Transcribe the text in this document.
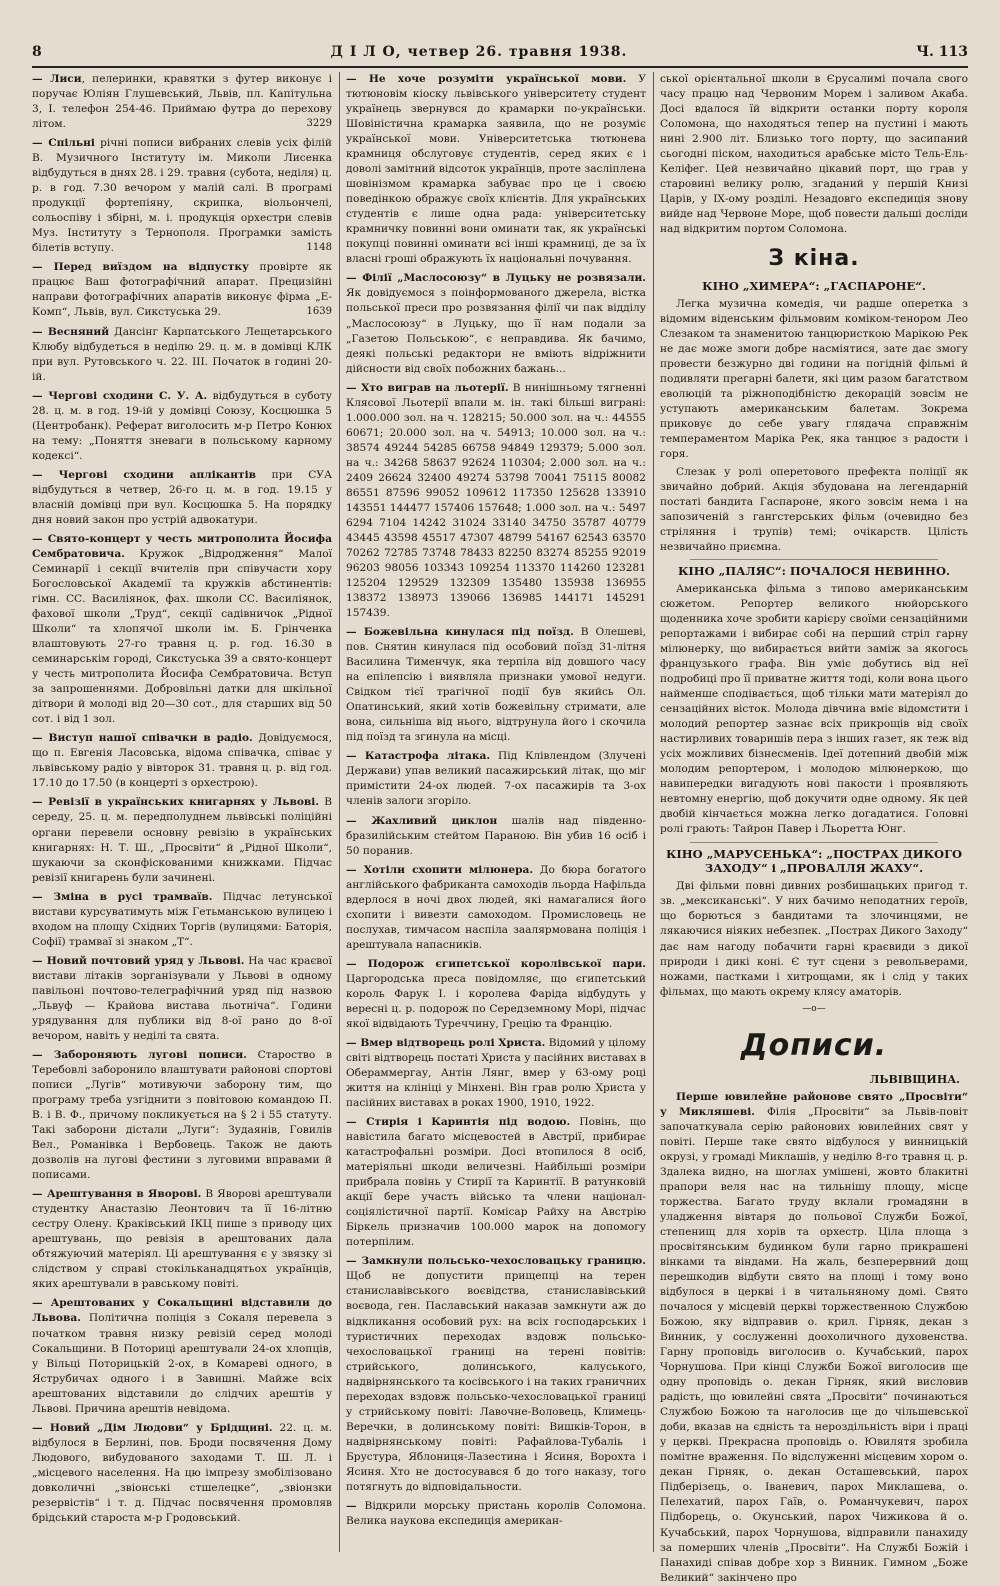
8	Д І Л О, четвер 26. травня 1938.	Ч. 113

— Лиси, пелеринки, кравятки з футер виконує і поручає Юліян Глушевський, Львів, пл. Капітульна 3, І. телефон 254-46. Приймаю футра до перехову літом.	3229

— Спільні річні пописи вибраних слевів усіх філій В. Музичного Інституту ім. Миколи Лисенка відбудуться в днях 28. і 29. травня (субота, неділя) ц. р. в год. 7.30 вечором у малій салі. В програмі продукції фортепіяну, скрипка, віольончелі, сольоспіву і збірні, м. і. продукція орхестри слевів Муз. Інституту з Тернополя. Програмки замість білетів вступу.	1148

— Перед виїздом на відпустку провірте як працює Ваш фотографічний апарат. Прецизійні направи фотографічних апаратів виконує фірма „Е-Комп“, Львів, вул. Сикстуська 29.	1639

— Весняний Дансінг Карпатського Лещетарського Клюбу відбудеться в неділю 29. ц. м. в домівці КЛК при вул. Рутовського ч. 22. ІІІ. Початок в годині 20-ій.

— Чергові сходини С. У. А. відбудуться в суботу 28. ц. м. в год. 19-ій у домівці Союзу, Косцюшка 5 (Центробанк). Реферат виголосить м-р Петро Конюх на тему: „Поняття зневаги в польському карному кодексі“.

— Чергові сходини аплікантів при СУА відбудуться в четвер, 26-го ц. м. в год. 19.15 у власній домівці при вул. Косцюшка 5. На порядку дня новий закон про устрій адвокатури.

— Свято-концерт у честь митрополита Йосифа Сембратовича. Кружок „Відродження“ Малої Семинарії і секції вчителів при співучасти хору Богословської Академії та кружків абстинентів: гімн. СС. Василіянок, фах. школи СС. Василіянок, фахової школи „Труд“, секції садівничок „Рідної Школи“ та хлопячої школи ім. Б. Грінченка влаштовують 27-го травня ц. р. год. 16.30 в семинарськім городі, Сикстуська 39 а свято-концерт у честь митрополита Йосифа Сембратовича. Вступ за запрошеннями. Добровільні датки для шкільної дітвори й молоді від 20—30 сот., для старших від 50 сот. і від 1 зол.

— Виступ нашої співачки в радіо. Довідуємося, що п. Евгенія Ласовська, відома співачка, співає у львівському радіо у вівторок 31. травня ц. р. від год. 17.10 до 17.50 (в концерті з орхестрою).

— Ревізії в українських книгарнях у Львові. В середу, 25. ц. м. передполуднем львівські поліційні органи перевели основну ревізію в українських книгарнях: Н. Т. Ш., „Просвіти“ й „Рідної Школи“, шукаючи за сконфіскованими книжками. Підчас ревізії книгарень були зачинені.

— Зміна в русі трамваїв. Підчас летунської вистави курсуватимуть між Гетьманською вулицею і входом на площу Східних Торгів (вулицями: Баторія, Софії) трамваї зі знаком „Т“.

— Новий почтовий уряд у Львові. На час краєвої вистави літаків зорганізували у Львові в одному павільоні почтово-телеграфічний уряд під назвою „Львуф — Крайова вистава льотніча“. Години урядування для публики від 8-ої рано до 8-ої вечором, навіть у неділі та свята.

— Забороняють лугові пописи. Староство в Теребовлі заборонило влаштувати районові спортові пописи „Лугів“ мотивуючи заборону тим, що програму треба узгіднити з повітовою командою П. В. і В. Ф., причому покликується на § 2 і 55 статуту. Такі заборони дістали „Луги“: Зудаянів, Говилів Вел., Романівка і Вербовець. Також не дають дозволів на лугові фестини з луговими вправами й пописами.

— Арештування в Яворові. В Яворові арештували студентку Анастазію Леонтович та її 16-літню сестру Олену. Кракiвський ІКЦ пише з приводу цих арештувань, що ревізія в арештованих дала обтяжуючий матеріял. Ці арештування є у звязку зі слідством у справі стокільканадцятьох українців, яких арештували в равському повіті.

— Арештованих у Сокальщині відставили до Львова. Політична поліція з Сокаля перевела з початком травня низку ревізій серед молоді Сокальщини. В Поториці арештували 24-ох хлопців, у Вільці Поторицькій 2-ох, в Комареві одного, в Яструбичах одного і в Завишні. Майже всіх арештованих відставили до слідчих арештів у Львові. Причина арештів невідома.

— Новий „Дім Людови“ у Брідщині. 22. ц. м. відбулося в Берлині, пов. Броди посвячення Дому Людового, вибудованого заходами Т. Ш. Л. і „місцевого населення. На цю імпрезу змобілізовано довколичні „звіонські стшелецке“, „звіонзки резервістів“ і т. д. Підчас посвячення промовляв брідський староста м-р Гродовський.

— Не хоче розуміти української мови. У тютюновім кіоску львівського університету студент українець звернувся до крамарки по-українськи. Шовіністична крамарка заявила, що не розуміє української мови. Університетська тютюнева крамниця обслуговує студентів, серед яких є і доволі замітний відсоток українців, проте засліплена шовінізмом крамарка забуває про це і своєю поведінкою ображує своїх клієнтів. Для українських студентів є лише одна рада: університетську крамничку повинні вони оминати так, як українські покупці повинні оминати всі інші крамниці, де за їх власні гроші ображують їх національні почування.

— Філії „Маслосоюзу“ в Луцьку не розвязали. Як довідуємося з поінформованого джерела, вістка польської преси про розвязання філії чи пак відділу „Маслосоюзу“ в Луцьку, що її нам подали за „Газетою Польською“, є неправдива. Як бачимо, деякі польські редактори не вміють відріжнити дійсности від своїх побожних бажань...

— Хто виграв на льотерії. В нинішньому тягненні Клясової Льотерії впали м. ін. такі більші виграні: 1.000.000 зол. на ч. 128215; 50.000 зол. на ч.: 44555 60671; 20.000 зол. на ч. 54913; 10.000 зол. на ч.: 38574 49244 54285 66758 94849 129379; 5.000 зол. на ч.: 34268 58637 92624 110304; 2.000 зол. на ч.: 2409 26624 32400 49274 53798 70041 75115 80082 86551 87596 99052 109612 117350 125628 133910 143551 144477 157406 157648; 1.000 зол. на ч.: 5497 6294 7104 14242 31024 33140 34750 35787 40779 43445 43598 45517 47307 48799 54167 62543 63570 70262 72785 73748 78433 82250 83274 85255 92019 96203 98056 103343 109254 113370 114260 123281 125204 129529 132309 135480 135938 136955 138372 138973 139066 136985 144171 145291 157439.

— Божевільна кинулася під поїзд. В Олешеві, пов. Снятин кинулася під особовий поїзд 31-літня Василина Тименчук, яка терпіла від довшого часу на епілепсію і виявляла признаки умової недуги. Свідком тієї трагічної події був якийсь Ол. Опатинський, який хотів божевільну стримати, але вона, сильніша від нього, відтрунула його і скочила під поїзд та згинула на місці.

— Катастрофа літака. Під Клівлендом (Злучені Держави) упав великий пасажирський літак, що міг примістити 24-ох людей. 7-ох пасажирів та 3-ох членів залоги згоріло.

— Жахливий циклон шалів над південно-бразилійським стейтом Параною. Він убив 16 осіб і 50 поранив.

— Хотіли схопити мілюнера. До бюра богатого англійського фабриканта самоходів льорда Нафільда вдерлося в ночі двох людей, які намагалися його схопити і вивезти самоходом. Промисловець не послухав, тимчасом наспіла заалярмована поліція і арештувала напасників.

— Подорож єгипетської королівської пари. Царгородська преса повідомляє, що єгипетський король Фарук І. і королева Фаріда відбудуть у вересні ц. р. подорож по Середземному Морі, підчас якої відвідають Туреччину, Грецію та Францію.

— Вмер відтворець ролі Христа. Відомий у цілому світі відтворець постаті Христа у пасійних виставах в Обераммергау, Антін Лянг, вмер у 63-ому році життя на клініці у Мінхені. Він грав ролю Христа у пасійних виставах в роках 1900, 1910, 1922.

— Стирія і Каринтія під водою. Повінь, що навістила багато місцевостей в Австрії, прибирає катастрофальні розміри. Досі втопилося 8 осіб, матеріяльні шкоди величезні. Найбільші розміри прибрала повінь у Стирії та Каринтії. В ратунковій акції бере участь військо та члени націонал-соціялістичної партії. Комісар Райху на Австрію Біркель призначив 100.000 марок на допомогу потерпілим.

— Замкнули польсько-чехословацьку границю. Щоб не допустити прищепці на терен станиславівського воєвідства, станиславівський воєвода, ген. Паславський наказав замкнути аж до відкликання особовий рух: на всіх господарських і туристичних переходах вздовж польсько-чехословацької границі на терені повітів: стрийського, долинського, калуського, надвірнянського та косівського і на таких граничних переходах вздовж польсько-чехословацької границі у стрийському повіті: Лавочне-Воловець, Климець-Веречки, в долинському повіті: Вишків-Торон, в надвірнянському повіті: Рафайлова-Тубаліь і Брустура, Яблониця-Лазестина і Ясиня, Ворохта і Ясиня. Хто не достосувався б до того наказу, того потягнуть до відповідальности.

— Відкрили морську пристань королів Соломона. Велика наукова експедиція американ-

ської орієнтальної школи в Єрусалимі почала свого часу працю над Червоним Морем і заливом Акаба. Досі вдалося їй відкрити останки порту короля Соломона, що находяться тепер на пустині і мають нині 2.900 літ. Близько того порту, що засипаний сьогодні піском, находиться арабське місто Тель-Ель-Келіфег. Цей незвичайно цікавий порт, що грав у старовині велику ролю, згаданий у першій Книзі Царів, у ІХ-ому розділі. Незадовго експедиція знову вийде над Червоне Море, щоб повести дальші досліди над відкритим портом Соломона.

З кіна.
КІНО „ХИМЕРА“: „ГАСПАРОНЕ“.

Легка музична комедія, чи радше оперетка з відомим віденським фільмовим коміком-тенором Лео Слезаком та знаменитою танцюристкою Марікою Рек не дає може змоги добре насміятися, зате дає змогу провести безжурно дві години на погідній фільмі й подивляти прегарні балети, які цим разом багатством еволюцій та ріжноподібністю декорацій зовсім не уступають американським балетам. Зокрема приковує до себе увагу глядача справжнім темпераментом Маріка Рек, яка танцює з радости і горя.

Слезак у ролі оперетового префекта поліції як звичайно добрий. Акція збудована на легендарній постаті бандита Гаспароне, якого зовсім нема і на запозиченій з гангстерських фільм (очевидно без стріляння і трупів) темі; очікарств. Цілість незвичайно приємна.

КІНО „ПАЛЯС“: ПОЧАЛОСЯ НЕВИННО.

Американська фільма з типово американським сюжетом. Репортер великого нюйорського щоденника хоче зробити карієру своїми сензаційними репортажами і вибирає собі на перший стріл гарну мілюнерку, що вибирається вийти заміж за якогось французького графа. Він уміє добутись від неї подробиці про її приватне життя тоді, коли вона цього найменше сподівається, щоб тільки мати матеріял до сензаційних вісток. Молода дівчина вміє відомстити і молодий репортер зазнає всіх прикрощів від своїх настирливих товаришів пера з інших газет, як теж від усіх можливих бізнесменів. Ідеї дотепний двобій між молодим репортером, і молодою мілюнеркою, що навипередки вигадують нові пакости і проявляють невтомну енергію, щоб докучити одне одному. Як цей двобій кінчається можна легко догадатися. Головні ролі грають: Тайрон Павер і Льоретта Юнг.

КІНО „МАРУСЕНЬКА“: „ПОСТРАХ ДИКОГО ЗАХОДУ“ і „ПРОВАЛЛЯ ЖАХУ“.

Дві фільми повні дивних розбишацьких пригод т. зв. „мексиканські“. У них бачимо неподатних героїв, що борються з бандитами та злочинцями, не лякаючися ніяких небезпек. „Пострах Дикого Заходу“ дає нам нагоду побачити гарні краєвиди з дикої природи і дикі коні. Є тут сцени з револьверами, ножами, пастками і хитрощами, як і слід у таких фільмах, що мають окрему клясу аматорів.

—o—
Дописи.
ЛЬВІВЩИНА.

Перше ювилейне районове свято „Просвіти“ у Микляшеві. Філія „Просвіти“ за Львів-повіт започаткувала серію районових ювилейних свят у повіті. Перше таке свято відбулося у винницькій окрузі, у громаді Миклашів, у неділю 8-го травня ц. р. Здалека видно, на шоглах умішені, жовто блакитні прапори веля нас на тильнішу площу, місце торжества. Багато труду вклали громадяни в уладження вівтаря до польової Служби Божої, степенищ для хорів та орхестр. Ціла площа з просвітянським будинком були гарно прикрашені вінками та віндами. На жаль, безперервний дощ перешкодив відбути свято на площі і тому воно відбулося в церкві і в читальняному домі. Свято почалося у місцевій церкві торжественною Службою Божою, яку відправив о. крил. Гірняк, декан з Винник, у сослуженні доохоличного духовенства. Гарну проповідь виголосив о. Кучабський, парох Чорнушова. При кінці Служби Божої виголосив ще одну проповідь о. декан Гірняк, який висловив радість, що ювилейні свята „Просвіти“ починаються Службою Божою та наголосив ще до чільшевської доби, вказав на єдність та нероздільність віри і праці у церкві. Прекрасна проповідь о. Ювилятя зробила помітне враження. По відслуженні місцевим хором о. декан Гірняк, о. декан Осташевський, парох Підберізець, о. Іваневич, парох Миклашева, о. Пелехатий, парох Гаїв, о. Романчукевич, парох Підборець, о. Окунський, парох Чижикова й о. Кучабський, парох Чорнушова, відправили панахиду за померших членів „Просвіти“. На Службі Божій і Панахиді співав добре хор з Винник. Гимном „Боже Великий“ закінчено про
